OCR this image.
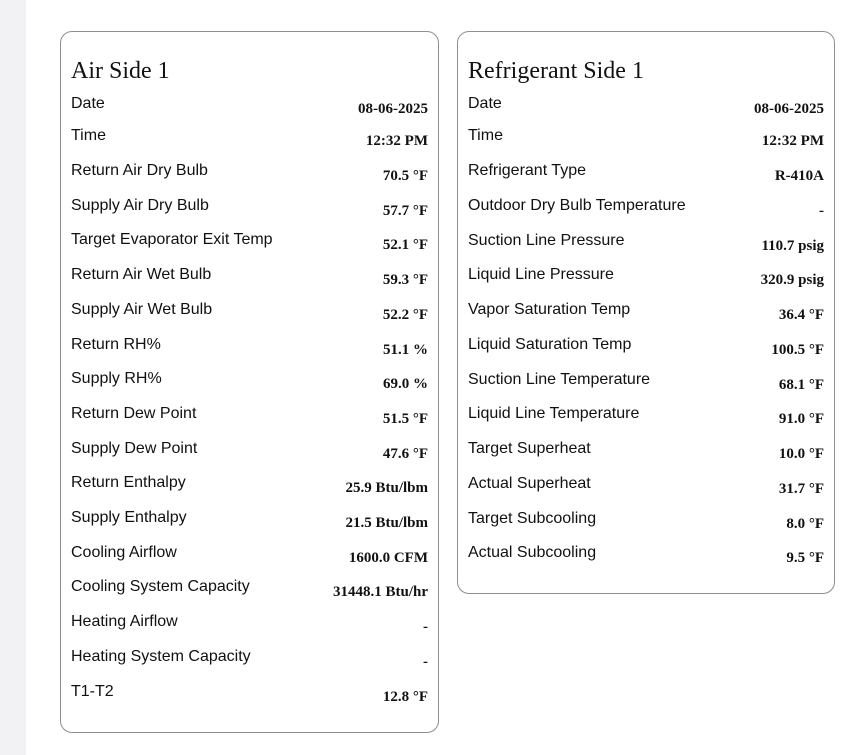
Air Side 1
Date	08-06-2025
Time	12:32 PM
Return Air Dry Bulb	70.5 °F
Supply Air Dry Bulb	57.7 °F
Target Evaporator Exit Temp	52.1 °F
Return Air Wet Bulb	59.3 °F
Supply Air Wet Bulb	52.2 °F
Return RH%	51.1 %
Supply RH%	69.0 %
Return Dew Point	51.5 °F
Supply Dew Point	47.6 °F
Return Enthalpy	25.9 Btu/lbm
Supply Enthalpy	21.5 Btu/lbm
Cooling Airflow	1600.0 CFM
Cooling System Capacity	31448.1 Btu/hr
Heating Airflow	-
Heating System Capacity	-
T1-T2	12.8 °F
Refrigerant Side 1
Date	08-06-2025
Time	12:32 PM
Refrigerant Type	R-410A
Outdoor Dry Bulb Temperature	-
Suction Line Pressure	110.7 psig
Liquid Line Pressure	320.9 psig
Vapor Saturation Temp	36.4 °F
Liquid Saturation Temp	100.5 °F
Suction Line Temperature	68.1 °F
Liquid Line Temperature	91.0 °F
Target Superheat	10.0 °F
Actual Superheat	31.7 °F
Target Subcooling	8.0 °F
Actual Subcooling	9.5 °F
